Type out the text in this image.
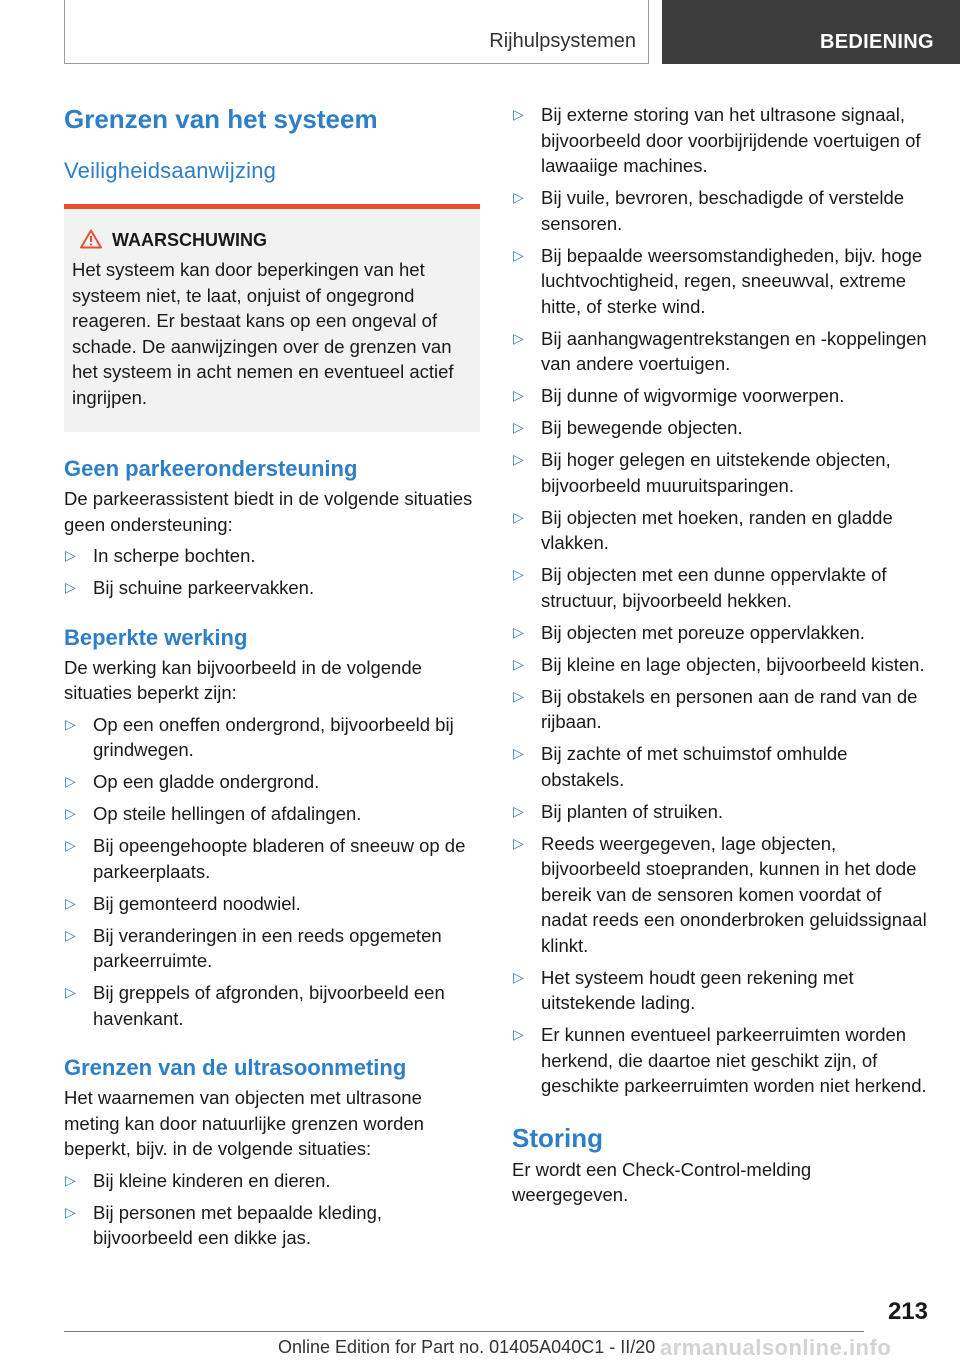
Rijhulpsystemen	BEDIENING
Grenzen van het systeem
Veiligheidsaanwijzing
WAARSCHUWING

Het systeem kan door beperkingen van het systeem niet, te laat, onjuist of ongegrond reageren. Er bestaat kans op een ongeval of schade. De aanwijzingen over de grenzen van het systeem in acht nemen en eventueel actief ingrijpen.

Geen parkeerondersteuning

De parkeerassistent biedt in de volgende situaties geen ondersteuning:

▷ In scherpe bochten.
▷ Bij schuine parkeervakken.
Beperkte werking

De werking kan bijvoorbeeld in de volgende situaties beperkt zijn:

▷ Op een oneffen ondergrond, bijvoorbeeld bij grindwegen.
▷ Op een gladde ondergrond.
▷ Op steile hellingen of afdalingen.
▷ Bij opeengehoopte bladeren of sneeuw op de parkeerplaats.
▷ Bij gemonteerd noodwiel.
▷ Bij veranderingen in een reeds opgemeten parkeerruimte.
▷ Bij greppels of afgronden, bijvoorbeeld een havenkant.
Grenzen van de ultrasoonmeting

Het waarnemen van objecten met ultrasone meting kan door natuurlijke grenzen worden beperkt, bijv. in de volgende situaties:

▷ Bij kleine kinderen en dieren.
▷ Bij personen met bepaalde kleding, bijvoorbeeld een dikke jas.
▷ Bij externe storing van het ultrasone signaal, bijvoorbeeld door voorbijrijdende voertuigen of lawaaiige machines.
▷ Bij vuile, bevroren, beschadigde of verstelde sensoren.
▷ Bij bepaalde weersomstandigheden, bijv. hoge luchtvochtigheid, regen, sneeuwval, extreme hitte, of sterke wind.
▷ Bij aanhangwagentrekstangen en -koppelingen van andere voertuigen.
▷ Bij dunne of wigvormige voorwerpen.
▷ Bij bewegende objecten.
▷ Bij hoger gelegen en uitstekende objecten, bijvoorbeeld muuruitsparingen.
▷ Bij objecten met hoeken, randen en gladde vlakken.
▷ Bij objecten met een dunne oppervlakte of structuur, bijvoorbeeld hekken.
▷ Bij objecten met poreuze oppervlakken.
▷ Bij kleine en lage objecten, bijvoorbeeld kisten.
▷ Bij obstakels en personen aan de rand van de rijbaan.
▷ Bij zachte of met schuimstof omhulde obstakels.
▷ Bij planten of struiken.
▷ Reeds weergegeven, lage objecten, bijvoorbeeld stoepranden, kunnen in het dode bereik van de sensoren komen voordat of nadat reeds een ononderbroken geluidssignaal klinkt.
▷ Het systeem houdt geen rekening met uitstekende lading.
▷ Er kunnen eventueel parkeerruimten worden herkend, die daartoe niet geschikt zijn, of geschikte parkeerruimten worden niet herkend.
Storing

Er wordt een Check-Control-melding weergegeven.

213
Online Edition for Part no. 01405A040C1 - II/20 armanualsonline.info
